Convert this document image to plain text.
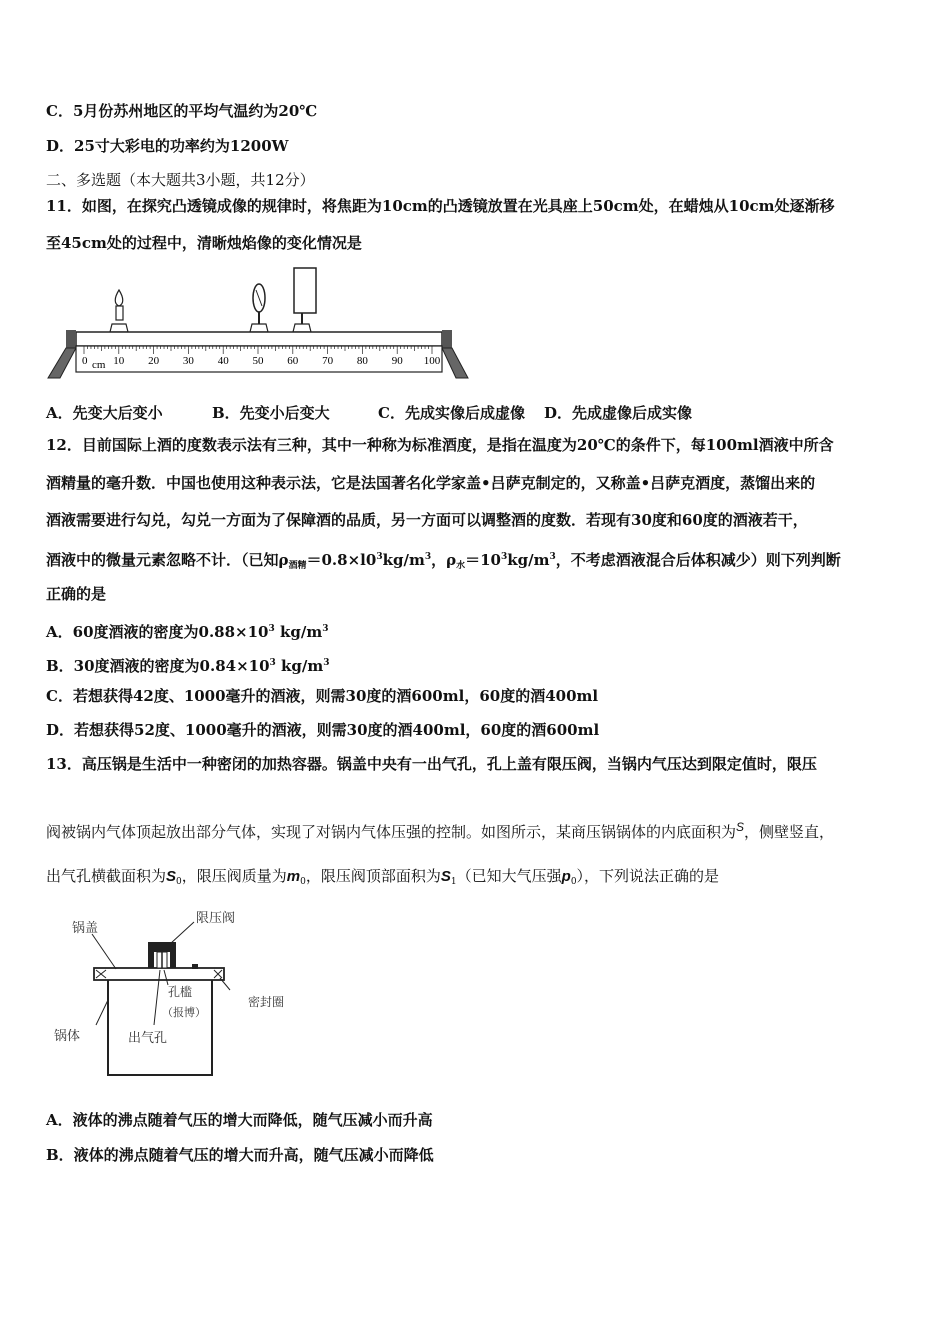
C．5月份苏州地区的平均气温约为20℃
D．25寸大彩电的功率约为1200W
二、多选题（本大题共3小题，共12分）
11．如图，在探究凸透镜成像的规律时，将焦距为10cm的凸透镜放置在光具座上50cm处，在蜡烛从10cm处逐渐移
至45cm处的过程中，清晰烛焰像的变化情况是
0 10 20 30 40 50 60 70 80 90 100
cm
A．先变大后变小	B．先变小后变大	C．先成实像后成虚像 D．先成虚像后成实像
12．目前国际上酒的度数表示法有三种，其中一种称为标准酒度，是指在温度为20℃的条件下，每100ml酒液中所含
酒精量的毫升数．中国也使用这种表示法，它是法国著名化学家盖•吕萨克制定的，又称盖•吕萨克酒度，蒸馏出来的
酒液需要进行勾兑，勾兑一方面为了保障酒的品质，另一方面可以调整酒的度数．若现有30度和60度的酒液若干，
酒液中的微量元素忽略不计．（已知$\rho_{酒精}=0.8\times l0^3kg/m^3$，$\rho_水=10^3kg/m^3$，不考虑酒液混合后体积减少）则下列判断
正确的是
A．60度酒液的密度为$0.88\times 10^3$ $kg/m^3$
B．30度酒液的密度为$0.84\times 10^3$ $kg/m^3$
C．若想获得42度、1000毫升的酒液，则需30度的酒600ml，60度的酒400ml
D．若想获得52度、1000毫升的酒液，则需30度的酒400ml，60度的酒600ml
13．高压锅是生活中一种密闭的加热容器。锅盖中央有一出气孔，孔上盖有限压阀，当锅内气压达到限定值时，限压
阀被锅内气体顶起放出部分气体，实现了对锅内气体压强的控制。如图所示，某商压锅锅体的内底面积为$^S$，侧壁竖直，
出气孔横截面积为$S_0$，限压阀质量为$m_0$，限压阀顶部面积为$S_1$（已知大气压强$p_0$），下列说法正确的是
锅盖
限压阀
孔槛
（报博）
密封圈
锅体	出气孔
A．液体的沸点随着气压的增大而降低，随气压减小而升高
B．液体的沸点随着气压的增大而升高，随气压减小而降低
